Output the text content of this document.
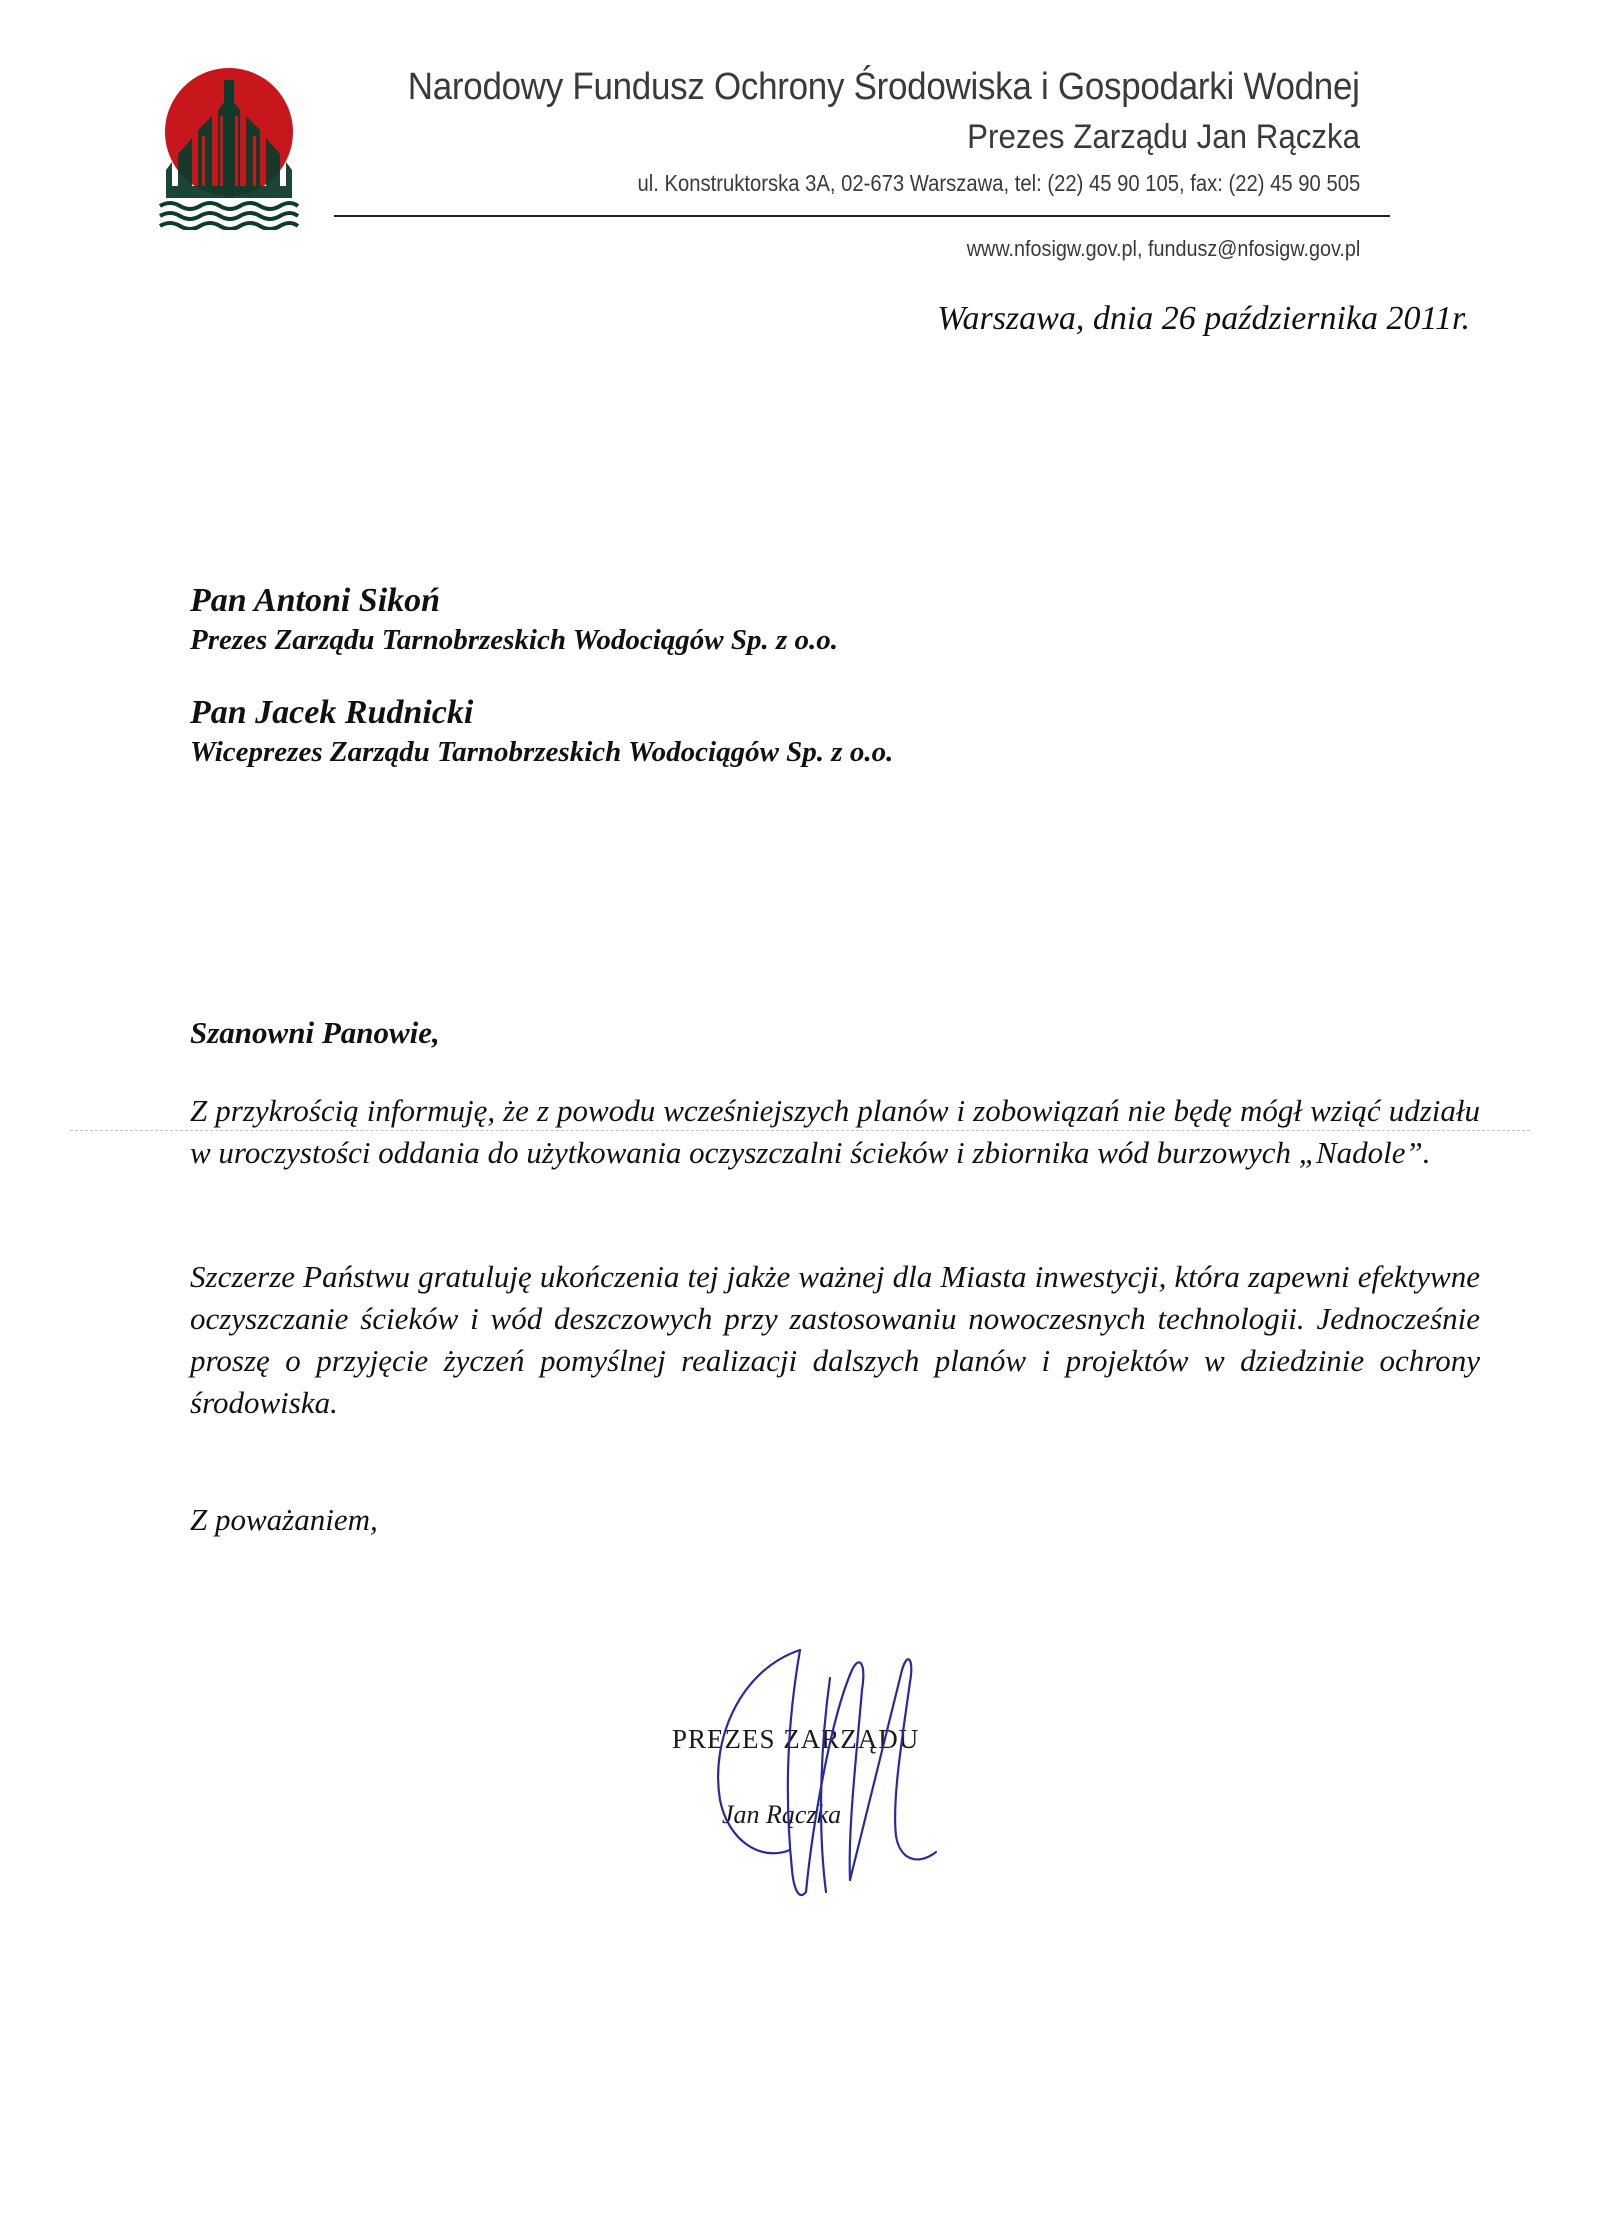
Narodowy Fundusz Ochrony Środowiska i Gospodarki Wodnej
Prezes Zarządu Jan Rączka
ul. Konstruktorska 3A, 02-673 Warszawa, tel: (22) 45 90 105, fax: (22) 45 90 505
www.nfosigw.gov.pl, fundusz@nfosigw.gov.pl
Warszawa, dnia 26 października 2011r.
Pan Antoni Sikoń
Prezes Zarządu Tarnobrzeskich Wodociągów Sp. z o.o.
Pan Jacek Rudnicki
Wiceprezes Zarządu Tarnobrzeskich Wodociągów Sp. z o.o.
Szanowni Panowie,
Z przykrością informuję, że z powodu wcześniejszych planów i zobowiązań nie będę mógł wziąć udziału w uroczystości oddania do użytkowania oczyszczalni ścieków i zbiornika wód burzowych „Nadole”.
Szczerze Państwu gratuluję ukończenia tej jakże ważnej dla Miasta inwestycji, która zapewni efektywne oczyszczanie ścieków i wód deszczowych przy zastosowaniu nowoczesnych technologii. Jednocześnie proszę o przyjęcie życzeń pomyślnej realizacji dalszych planów i projektów w dziedzinie ochrony środowiska.
Z poważaniem,
PREZES ZARZĄDU
Jan Rączka
